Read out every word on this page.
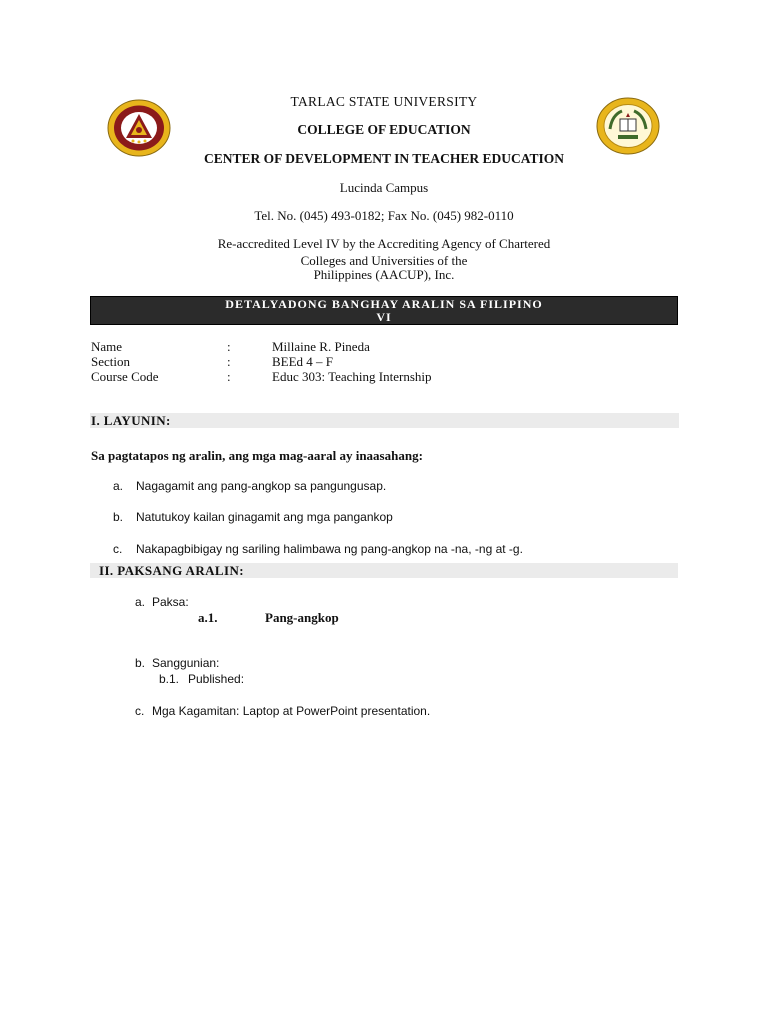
TARLAC STATE UNIVERSITY
COLLEGE OF EDUCATION
CENTER OF DEVELOPMENT IN TEACHER EDUCATION
Lucinda Campus
Tel. No. (045) 493-0182; Fax No. (045) 982-0110
Re-accredited Level IV by the Accrediting Agency of Chartered
Colleges and Universities of the
Philippines (AACUP), Inc.
DETALYADONG BANGHAY ARALIN SA FILIPINO
VI
Name	:	Millaine R. Pineda
Section	:	BEEd 4 – F
Course Code	:	Educ 303: Teaching Internship
I. LAYUNIN:
Sa pagtatapos ng aralin, ang mga mag-aaral ay inaasahang:
a. Nagagamit ang pang-angkop sa pangungusap.
b. Natutukoy kailan ginagamit ang mga pangankop
c. Nakapagbibigay ng sariling halimbawa ng pang-angkop na -na, -ng at -g.
II. PAKSANG ARALIN:
a. Paksa:
a.1.	Pang-angkop
b. Sanggunian:
b.1. Published:
c. Mga Kagamitan: Laptop at PowerPoint presentation.
